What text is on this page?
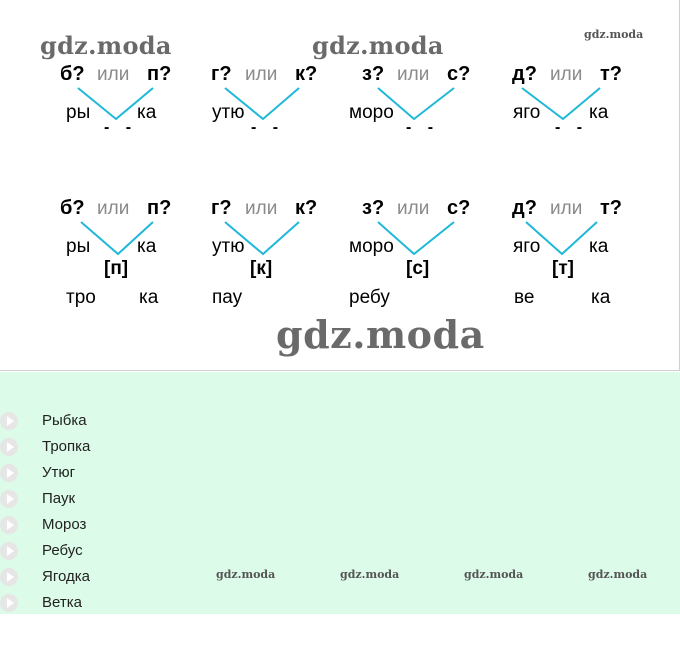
gdz.moda	gdz.moda	gdz.moda
gdz.moda
б? или п?
ры ка
- -
г? или к?
утю
- -
з? или с?
моро
- -
д? или т?
яго	ка
- -
б? или п?
ры ка
[п]
тро ка
г? или к?
утю
[к]
пау
з? или с?
моро
[с]
ребу
д? или т?
яго	ка
[т]
ве	ка
Рыбка
Тропка
Утюг
Паук
Мороз
Ребус
Ягодка
Ветка
gdz.moda	gdz.moda	gdz.moda	gdz.moda
